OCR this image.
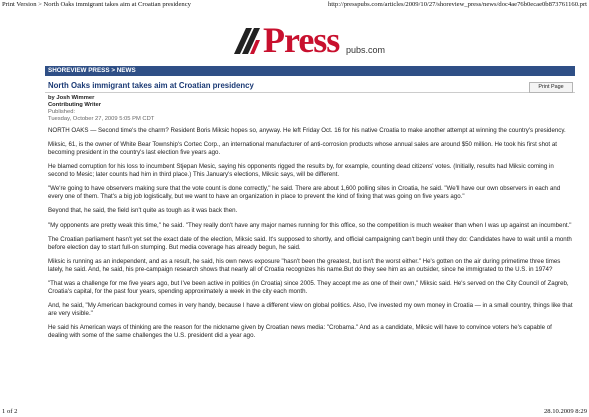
Print Version > North Oaks immigrant takes aim at Croatian presidency	http://presspubs.com/articles/2009/10/27/shoreview_press/news/doc4ae76b0ecae0b873761160.prt
Press pubs.com
SHOREVIEW PRESS > NEWS
North Oaks immigrant takes aim at Croatian presidency	Print Page
by Josh Wimmer
Contributing Writer
Published:
Tuesday, October 27, 2009 5:05 PM CDT

NORTH OAKS — Second time's the charm? Resident Boris Miksic hopes so, anyway. He left Friday Oct. 16 for his native Croatia to make another attempt at winning the country's presidency.

Miksic, 61, is the owner of White Bear Township's Cortec Corp., an international manufacturer of anti-corrosion products whose annual sales are around $50 million. He took his first shot at becoming president in the country's last election five years ago.

He blamed corruption for his loss to incumbent Stjepan Mesic, saying his opponents rigged the results by, for example, counting dead citizens' votes. (Initially, results had Miksic coming in second to Mesic; later counts had him in third place.) This January's elections, Miksic says, will be different.

"We're going to have observers making sure that the vote count is done correctly," he said. There are about 1,600 polling sites in Croatia, he said. "We'll have our own observers in each and every one of them. That's a big job logistically, but we want to have an organization in place to prevent the kind of fixing that was going on five years ago."

Beyond that, he said, the field isn't quite as tough as it was back then.

"My opponents are pretty weak this time," he said. "They really don't have any major names running for this office, so the competition is much weaker than when I was up against an incumbent."

The Croatian parliament hasn't yet set the exact date of the election, Miksic said. It's supposed to shortly, and official campaigning can't begin until they do: Candidates have to wait until a month before election day to start full-on stumping. But media coverage has already begun, he said.

Miksic is running as an independent, and as a result, he said, his own news exposure "hasn't been the greatest, but isn't the worst either." He's gotten on the air during primetime three times lately, he said. And, he said, his pre-campaign research shows that nearly all of Croatia recognizes his name.But do they see him as an outsider, since he immigrated to the U.S. in 1974?

"That was a challenge for me five years ago, but I've been active in politics (in Croatia) since 2005. They accept me as one of their own," Miksic said. He's served on the City Council of Zagreb, Croatia's capital, for the past four years, spending approximately a week in the city each month.

And, he said, "My American background comes in very handy, because I have a different view on global politics. Also, I've invested my own money in Croatia — in a small country, things like that are very visible."

He said his American ways of thinking are the reason for the nickname given by Croatian news media: "Crobama." And as a candidate, Miksic will have to convince voters he's capable of dealing with some of the same challenges the U.S. president did a year ago.

1 of 2	28.10.2009 8:29
